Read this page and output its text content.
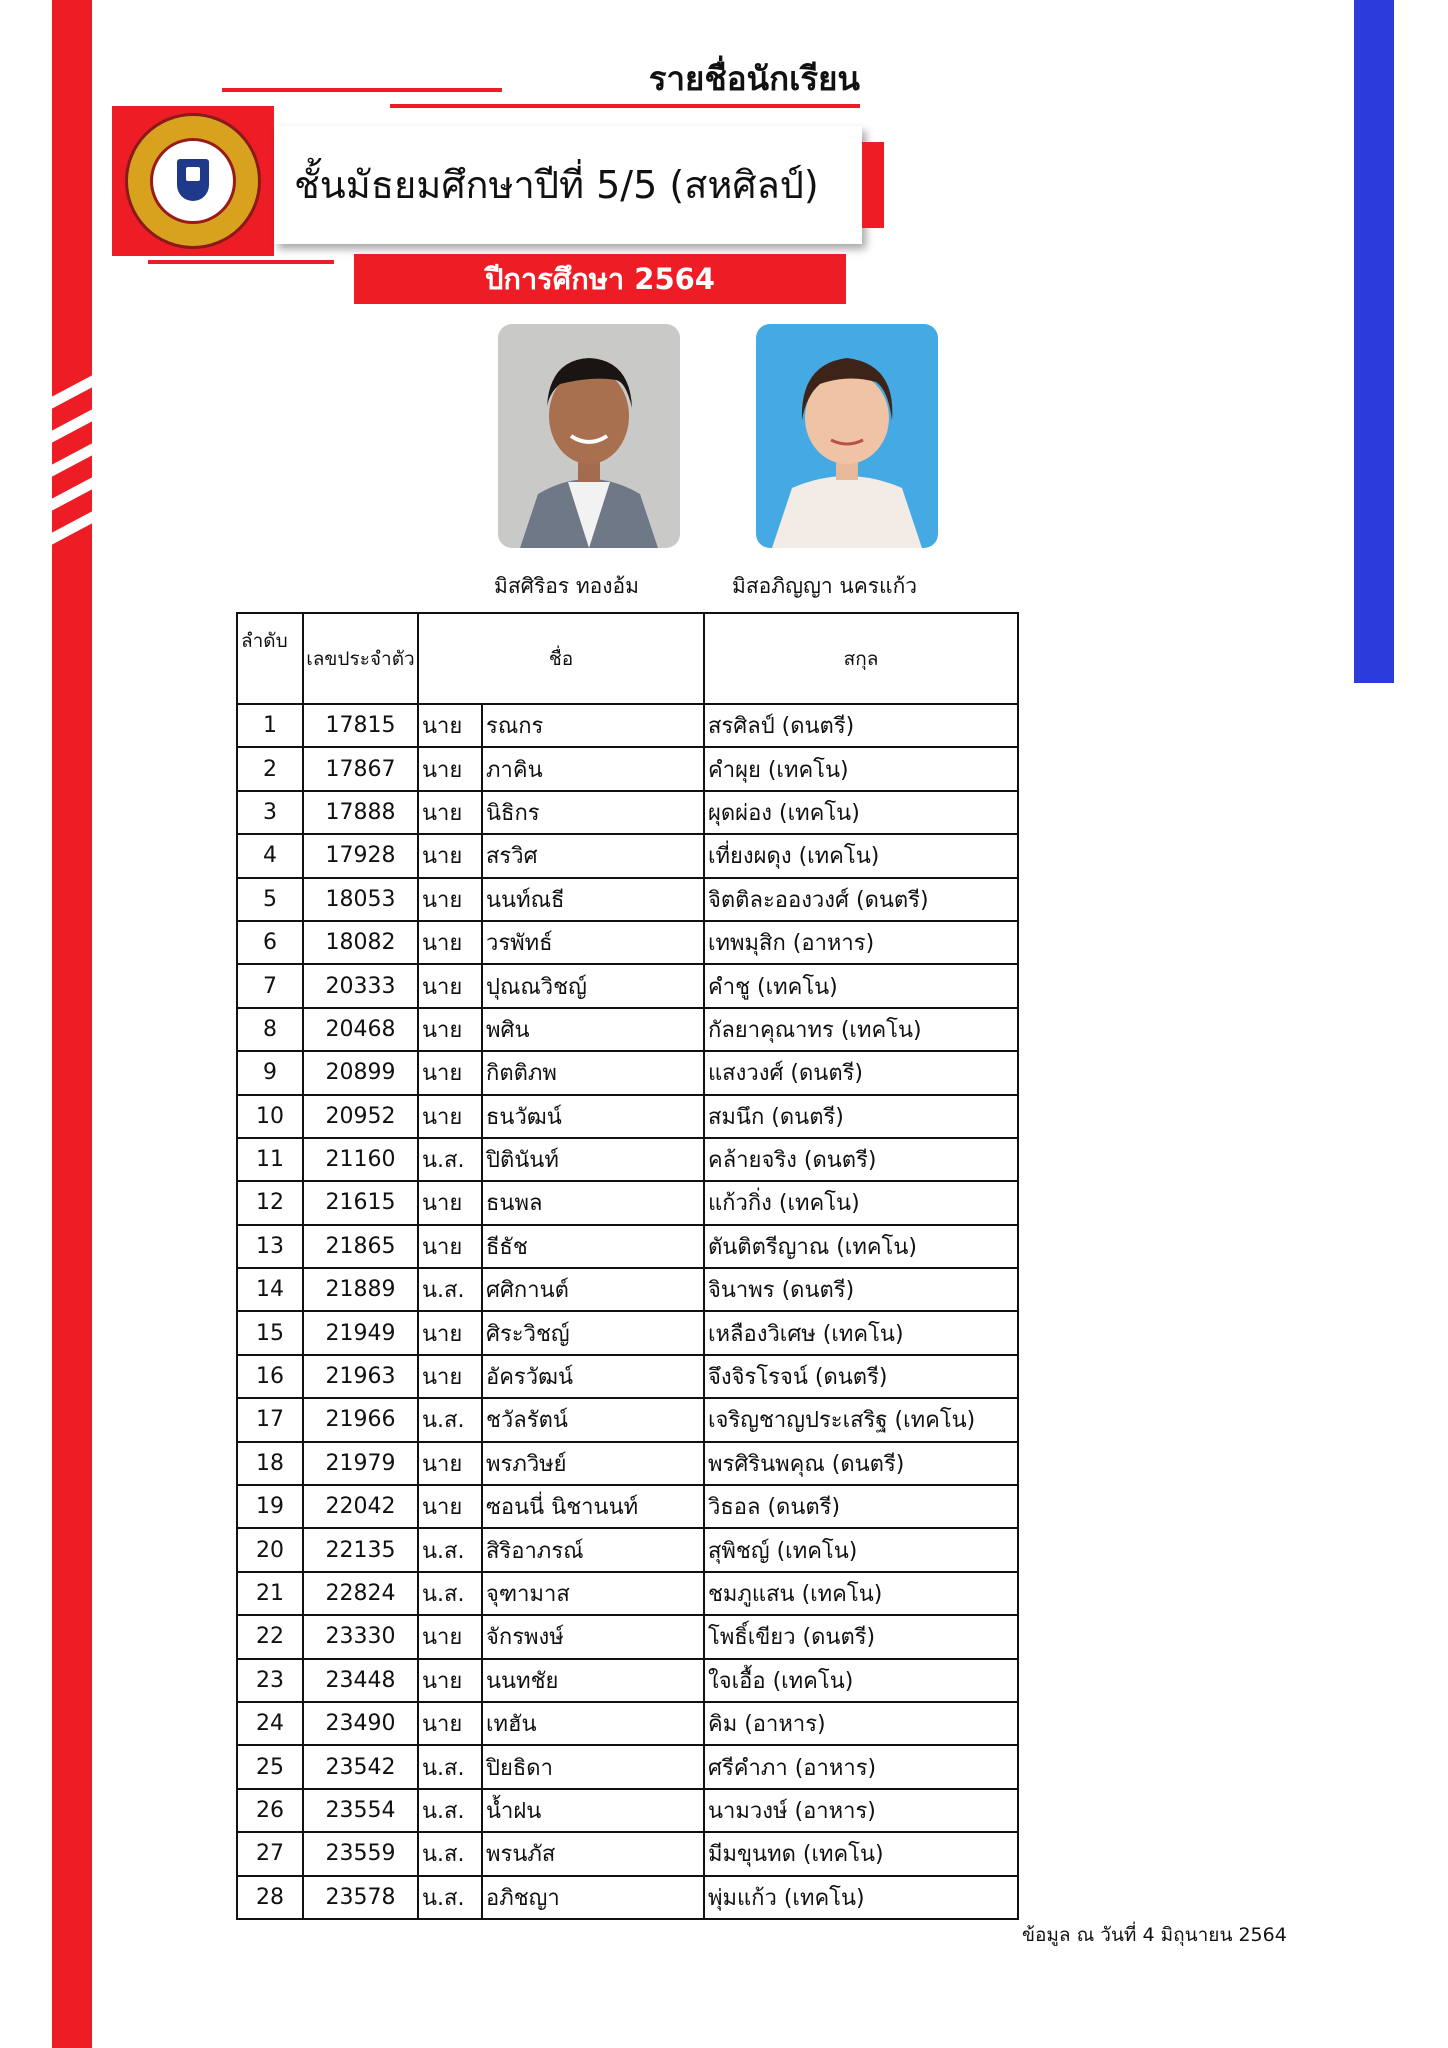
รายชื่อนักเรียน
ชั้นมัธยมศึกษาปีที่ 5/5 (สหศิลป์)
ปีการศึกษา 2564
มิสศิริอร ทองอ้ม	มิสอภิญญา นครแก้ว
ลำดับ	เลขประจำตัว	ชื่อ		สกุล
1	17815	นาย	รณกร	สรศิลป์ (ดนตรี)
2	17867	นาย	ภาคิน	คำผุย (เทคโน)
3	17888	นาย	นิธิกร	ผุดผ่อง (เทคโน)
4	17928	นาย	สรวิศ	เที่ยงผดุง (เทคโน)
5	18053	นาย	นนท์ณธี	จิตติละอองวงศ์ (ดนตรี)
6	18082	นาย	วรพัทธ์	เทพมุสิก (อาหาร)
7	20333	นาย	ปุณณวิชญ์	คำชู (เทคโน)
8	20468	นาย	พศิน	กัลยาคุณาทร (เทคโน)
9	20899	นาย	กิตติภพ	แสงวงศ์ (ดนตรี)
10	20952	นาย	ธนวัฒน์	สมนึก (ดนตรี)
11	21160	น.ส.	ปิตินันท์	คล้ายจริง (ดนตรี)
12	21615	นาย	ธนพล	แก้วกิ่ง (เทคโน)
13	21865	นาย	ธีธัช	ตันติตรีญาณ (เทคโน)
14	21889	น.ส.	ศศิกานต์	จินาพร (ดนตรี)
15	21949	นาย	ศิระวิชญ์	เหลืองวิเศษ (เทคโน)
16	21963	นาย	อัครวัฒน์	จึงจิรโรจน์ (ดนตรี)
17	21966	น.ส.	ชวัลรัตน์	เจริญชาญประเสริฐ (เทคโน)
18	21979	นาย	พรภวิษย์	พรศิรินพคุณ (ดนตรี)
19	22042	นาย	ซอนนี่ นิชานนท์	วิธอล (ดนตรี)
20	22135	น.ส.	สิริอาภรณ์	สุพิชญ์ (เทคโน)
21	22824	น.ส.	จุฑามาส	ชมภูแสน (เทคโน)
22	23330	นาย	จักรพงษ์	โพธิ์เขียว (ดนตรี)
23	23448	นาย	นนทชัย	ใจเอื้อ (เทคโน)
24	23490	นาย	เทฮัน	คิม (อาหาร)
25	23542	น.ส.	ปิยธิดา	ศรีคำภา (อาหาร)
26	23554	น.ส.	น้ำฝน	นามวงษ์ (อาหาร)
27	23559	น.ส.	พรนภัส	มีมขุนทด (เทคโน)
28	23578	น.ส.	อภิชญา	พุ่มแก้ว (เทคโน)
ข้อมูล ณ วันที่ 4 มิถุนายน 2564
